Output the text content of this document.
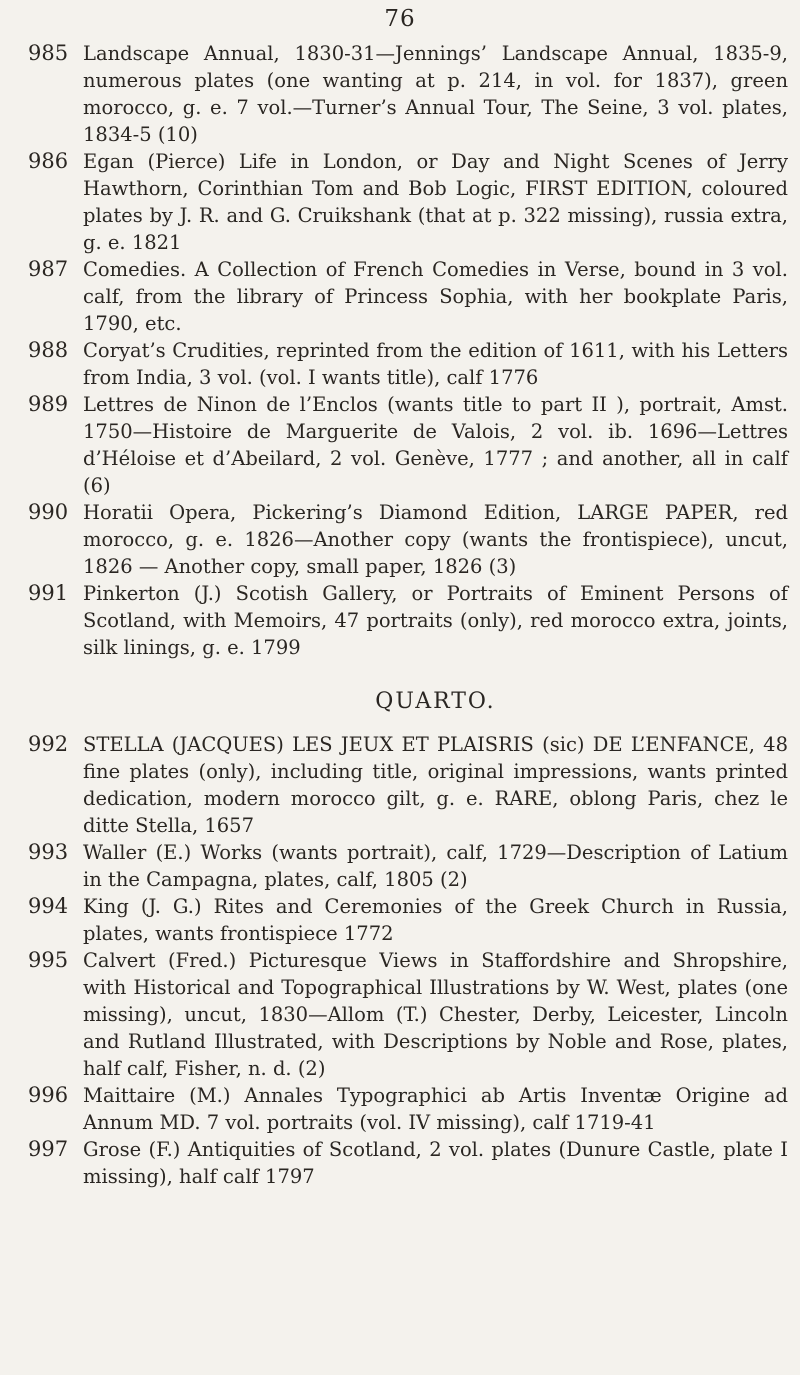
76
985 Landscape Annual, 1830-31—Jennings’ Landscape Annual, 1835-9, numerous plates (one wanting at p. 214, in vol. for 1837), green morocco, g. e. 7 vol.—Turner’s Annual Tour, The Seine, 3 vol. plates, 1834-5 (10)
986 Egan (Pierce) Life in London, or Day and Night Scenes of Jerry Hawthorn, Corinthian Tom and Bob Logic, FIRST EDITION, coloured plates by J. R. and G. Cruikshank (that at p. 322 missing), russia extra, g. e. 1821
987 Comedies. A Collection of French Comedies in Verse, bound in 3 vol. calf, from the library of Princess Sophia, with her bookplate Paris, 1790, etc.
988 Coryat’s Crudities, reprinted from the edition of 1611, with his Letters from India, 3 vol. (vol. I wants title), calf 1776
989 Lettres de Ninon de l’Enclos (wants title to part II ), portrait, Amst. 1750—Histoire de Marguerite de Valois, 2 vol. ib. 1696—Lettres d’Héloise et d’Abeilard, 2 vol. Genève, 1777 ; and another, all in calf (6)
990 Horatii Opera, Pickering’s Diamond Edition, LARGE PAPER, red morocco, g. e. 1826—Another copy (wants the frontispiece), uncut, 1826 — Another copy, small paper, 1826 (3)
991 Pinkerton (J.) Scotish Gallery, or Portraits of Eminent Persons of Scotland, with Memoirs, 47 portraits (only), red morocco extra, joints, silk linings, g. e. 1799
QUARTO.
992 STELLA (JACQUES) LES JEUX ET PLAISRIS (sic) DE L’ENFANCE, 48 fine plates (only), including title, original impressions, wants printed dedication, modern morocco gilt, g. e. RARE, oblong Paris, chez le ditte Stella, 1657
993 Waller (E.) Works (wants portrait), calf, 1729—Description of Latium in the Campagna, plates, calf, 1805 (2)
994 King (J. G.) Rites and Ceremonies of the Greek Church in Russia, plates, wants frontispiece 1772
995 Calvert (Fred.) Picturesque Views in Staffordshire and Shropshire, with Historical and Topographical Illustrations by W. West, plates (one missing), uncut, 1830—Allom (T.) Chester, Derby, Leicester, Lincoln and Rutland Illustrated, with Descriptions by Noble and Rose, plates, half calf, Fisher, n. d. (2)
996 Maittaire (M.) Annales Typographici ab Artis Inventæ Origine ad Annum MD. 7 vol. portraits (vol. IV missing), calf 1719-41
997 Grose (F.) Antiquities of Scotland, 2 vol. plates (Dunure Castle, plate I missing), half calf 1797
